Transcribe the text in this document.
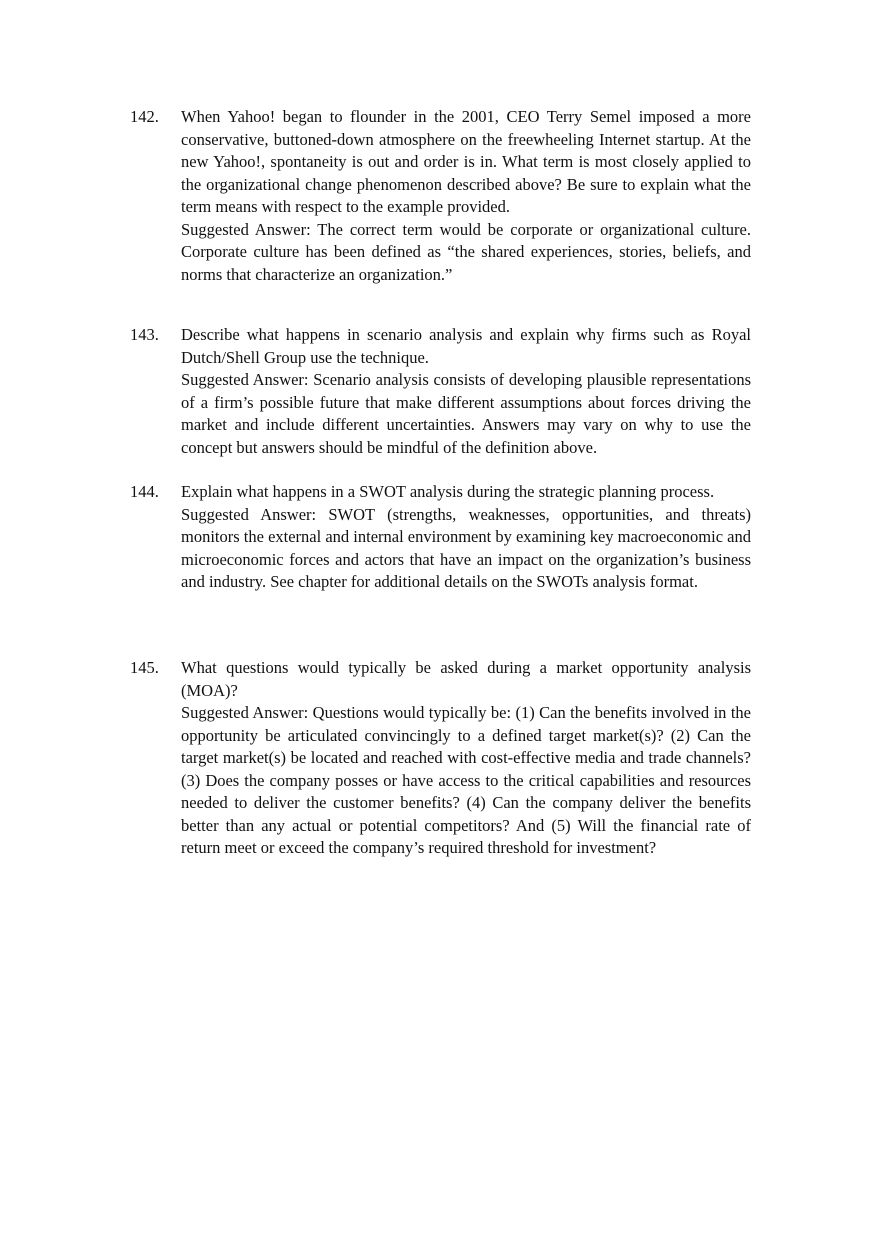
142. When Yahoo! began to flounder in the 2001, CEO Terry Semel imposed a more conservative, buttoned-down atmosphere on the freewheeling Internet startup. At the new Yahoo!, spontaneity is out and order is in. What term is most closely applied to the organizational change phenomenon described above? Be sure to explain what the term means with respect to the example provided.

Suggested Answer: The correct term would be corporate or organizational culture. Corporate culture has been defined as “the shared experiences, stories, beliefs, and norms that characterize an organization.”

143. Describe what happens in scenario analysis and explain why firms such as Royal Dutch/Shell Group use the technique.

Suggested Answer: Scenario analysis consists of developing plausible representations of a firm’s possible future that make different assumptions about forces driving the market and include different uncertainties. Answers may vary on why to use the concept but answers should be mindful of the definition above.

144. Explain what happens in a SWOT analysis during the strategic planning process.

Suggested Answer: SWOT (strengths, weaknesses, opportunities, and threats) monitors the external and internal environment by examining key macroeconomic and microeconomic forces and actors that have an impact on the organization’s business and industry. See chapter for additional details on the SWOTs analysis format.

145. What questions would typically be asked during a market opportunity analysis (MOA)?

Suggested Answer: Questions would typically be: (1) Can the benefits involved in the opportunity be articulated convincingly to a defined target market(s)? (2) Can the target market(s) be located and reached with cost-effective media and trade channels? (3) Does the company posses or have access to the critical capabilities and resources needed to deliver the customer benefits? (4) Can the company deliver the benefits better than any actual or potential competitors? And (5) Will the financial rate of return meet or exceed the company’s required threshold for investment?
